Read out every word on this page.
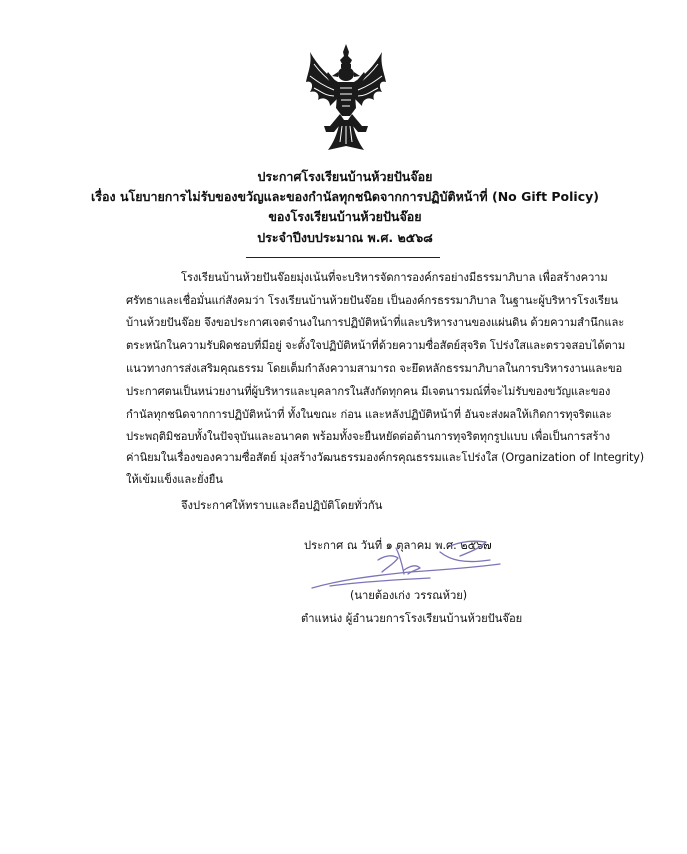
ประกาศโรงเรียนบ้านห้วยปันจ๊อย
เรื่อง นโยบายการไม่รับของขวัญและของกำนัลทุกชนิดจากการปฏิบัติหน้าที่ (No Gift Policy)
ของโรงเรียนบ้านห้วยปันจ๊อย
ประจำปีงบประมาณ พ.ศ. ๒๕๖๘
โรงเรียนบ้านห้วยปันจ๊อยมุ่งเน้นที่จะบริหารจัดการองค์กรอย่างมีธรรมาภิบาล เพื่อสร้างความ
ศรัทธาและเชื่อมั่นแก่สังคมว่า โรงเรียนบ้านห้วยปันจ๊อย เป็นองค์กรธรรมาภิบาล ในฐานะผู้บริหารโรงเรียน
บ้านห้วยปันจ๊อย จึงขอประกาศเจตจำนงในการปฏิบัติหน้าที่และบริหารงานของแผ่นดิน ด้วยความสำนึกและ
ตระหนักในความรับผิดชอบที่มีอยู่ จะตั้งใจปฏิบัติหน้าที่ด้วยความซื่อสัตย์สุจริต โปร่งใสและตรวจสอบได้ตาม
แนวทางการส่งเสริมคุณธรรม โดยเต็มกำลังความสามารถ จะยึดหลักธรรมาภิบาลในการบริหารงานและขอ
ประกาศตนเป็นหน่วยงานที่ผู้บริหารและบุคลากรในสังกัดทุกคน มีเจตนารมณ์ที่จะไม่รับของขวัญและของ
กำนัลทุกชนิดจากการปฏิบัติหน้าที่ ทั้งในขณะ ก่อน และหลังปฏิบัติหน้าที่ อันจะส่งผลให้เกิดการทุจริตและ
ประพฤติมิชอบทั้งในปัจจุบันและอนาคต พร้อมทั้งจะยืนหยัดต่อต้านการทุจริตทุกรูปแบบ เพื่อเป็นการสร้าง
ค่านิยมในเรื่องของความซื่อสัตย์ มุ่งสร้างวัฒนธรรมองค์กรคุณธรรมและโปร่งใส (Organization of Integrity)
ให้เข้มแข็งและยั่งยืน
จึงประกาศให้ทราบและถือปฏิบัติโดยทั่วกัน
ประกาศ ณ วันที่ ๑ ตุลาคม พ.ศ. ๒๕๖๗
(นายต้องเก่ง วรรณห้วย)
ตำแหน่ง ผู้อำนวยการโรงเรียนบ้านห้วยปันจ๊อย
